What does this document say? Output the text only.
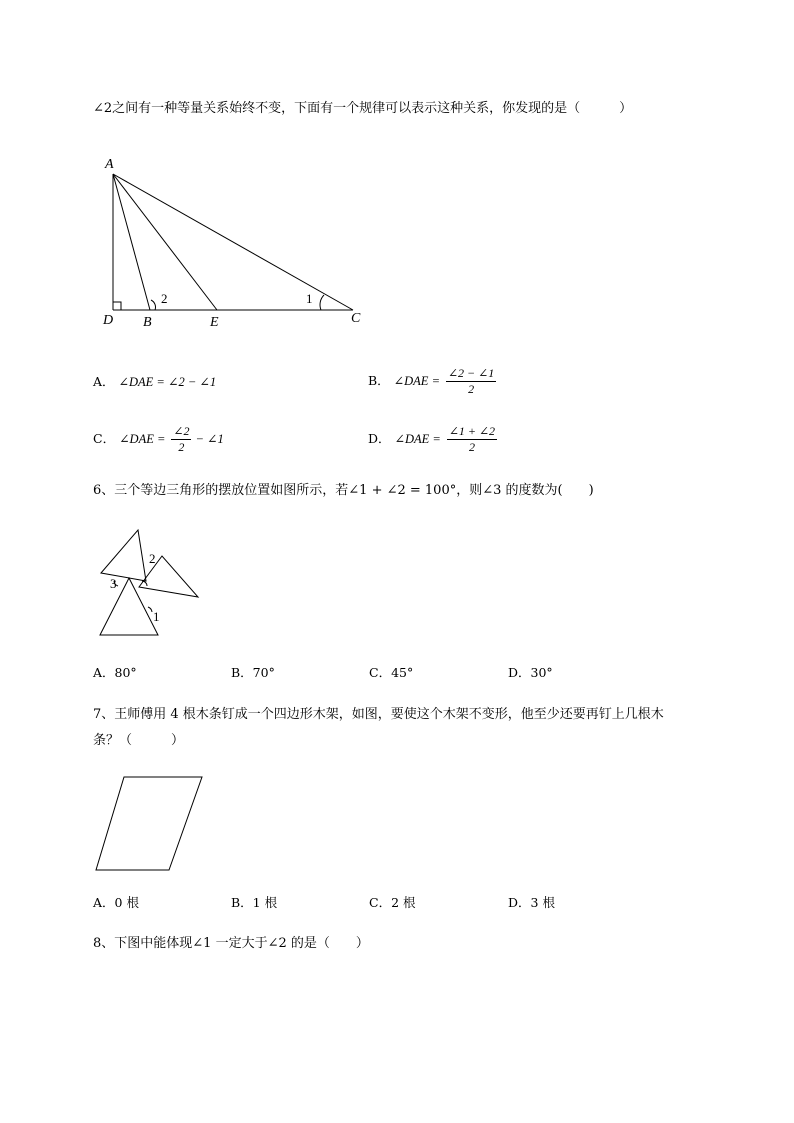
∠2之间有一种等量关系始终不变，下面有一个规律可以表示这种关系，你发现的是（　　　）
A
D B	E	C
1
2
A． ∠DAE = ∠2 − ∠1	B． ∠DAE = $\frac{\angle 2 - \angle 1}{2}$
C． ∠DAE = $\frac{\angle 2}{2}$ − ∠1	D． ∠DAE = $\frac{\angle 1 + \angle 2}{2}$
6、三个等边三角形的摆放位置如图所示，若∠1 + ∠2 = 100°，则∠3 的度数为(　　)
2
3
1
A．80°	B．70°	C．45°	D．30°
7、王师傅用 4 根木条钉成一个四边形木架，如图，要使这个木架不变形，他至少还要再钉上几根木
条？（　　　）
A．0 根	B．1 根	C．2 根	D．3 根
8、下图中能体现∠1 一定大于∠2 的是（　　）
